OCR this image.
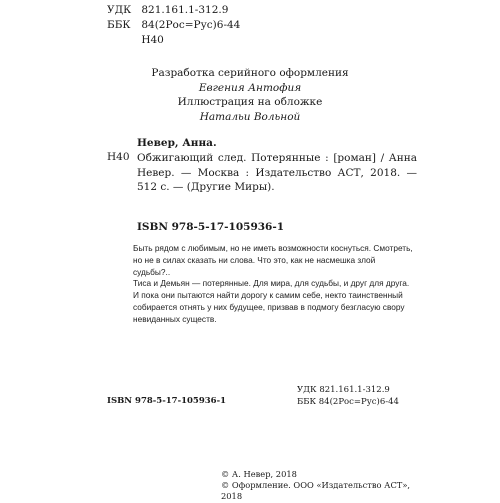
УДК 821.161.1-312.9
ББК 84(2Рос=Рус)6-44
Н40
Разработка серийного оформления
Евгения Антофия
Иллюстрация на обложке
Натальи Вольной
Невер, Анна.
Н40 Обжигающий след. Потерянные : [роман] / Анна Невер. — Москва : Издательство АСТ, 2018. — 512 с. — (Другие Миры).
ISBN 978-5-17-105936-1

Быть рядом с любимым, но не иметь возможности коснуться. Смотреть, но не в силах сказать ни слова. Что это, как не насмешка злой судьбы?..

Тиса и Демьян — потерянные. Для мира, для судьбы, и друг для друга. И пока они пытаются найти дорогу к самим себе, некто таинственный собирается отнять у них будущее, призвав в подмогу безгласую свору невиданных существ.

УДК 821.161.1-312.9
ББК 84(2Рос=Рус)6-44
ISBN 978-5-17-105936-1
© А. Невер, 2018
© Оформление. ООО «Издательство АСТ»,
2018
